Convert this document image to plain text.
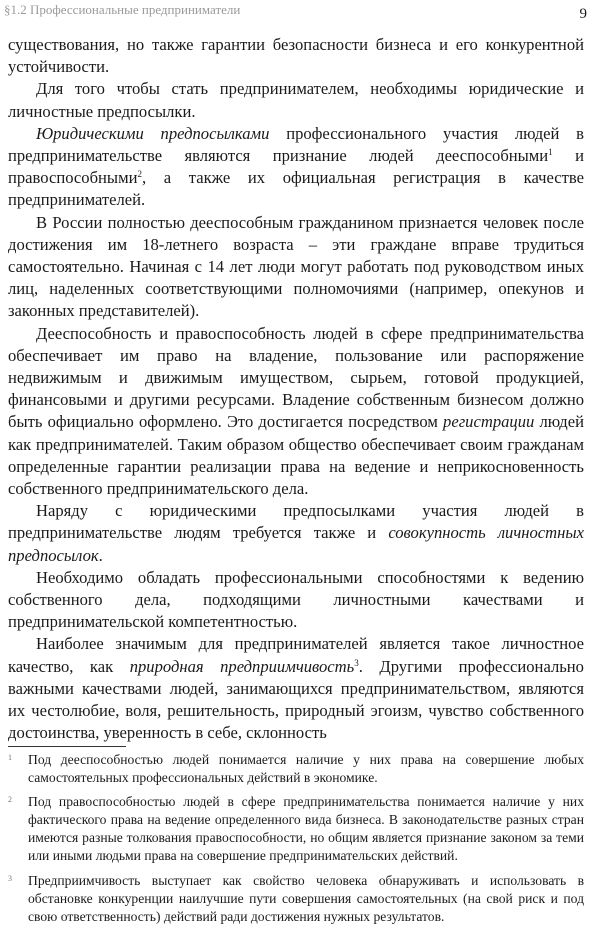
§1.2 Профессиональные предприниматели	9

существования, но также гарантии безопасности бизнеса и его конкурентной устойчивости.

Для того чтобы стать предпринимателем, необходимы юридические и личностные предпосылки.

Юридическими предпосылками профессионального участия людей в предпринимательстве являются признание людей дееспособными$^1$ и правоспособными$^2$, а также их официальная регистрация в качестве предпринимателей.

В России полностью дееспособным гражданином признается человек после достижения им 18-летнего возраста – эти граждане вправе трудиться самостоятельно. Начиная с 14 лет люди могут работать под руководством иных лиц, наделенных соответствующими полномочиями (например, опекунов и законных представителей).

Дееспособность и правоспособность людей в сфере предпринимательства обеспечивает им право на владение, пользование или распоряжение недвижимым и движимым имуществом, сырьем, готовой продукцией, финансовыми и другими ресурсами. Владение собственным бизнесом должно быть официально оформлено. Это достигается посредством регистрации людей как предпринимателей. Таким образом общество обеспечивает своим гражданам определенные гарантии реализации права на ведение и неприкосновенность собственного предпринимательского дела.

Наряду с юридическими предпосылками участия людей в предпринимательстве людям требуется также и совокупность личностных предпосылок.

Необходимо обладать профессиональными способностями к ведению собственного дела, подходящими личностными качествами и предпринимательской компетентностью.

Наиболее значимым для предпринимателей является такое личностное качество, как природная предприимчивость$^3$. Другими профессионально важными качествами людей, занимающихся предпринимательством, являются их честолюбие, воля, решительность, природный эгоизм, чувство собственного достоинства, уверенность в себе, склонность

1 Под дееспособностью людей понимается наличие у них права на совершение любых самостоятельных профессиональных действий в экономике.
2 Под правоспособностью людей в сфере предпринимательства понимается наличие у них фактического права на ведение определенного вида бизнеса. В законодательстве разных стран имеются разные толкования правоспособности, но общим является признание законом за теми или иными людьми права на совершение предпринимательских действий.
3 Предприимчивость выступает как свойство человека обнаруживать и использовать в обстановке конкуренции наилучшие пути совершения самостоятельных (на свой риск и под свою ответственность) действий ради достижения нужных результатов.
